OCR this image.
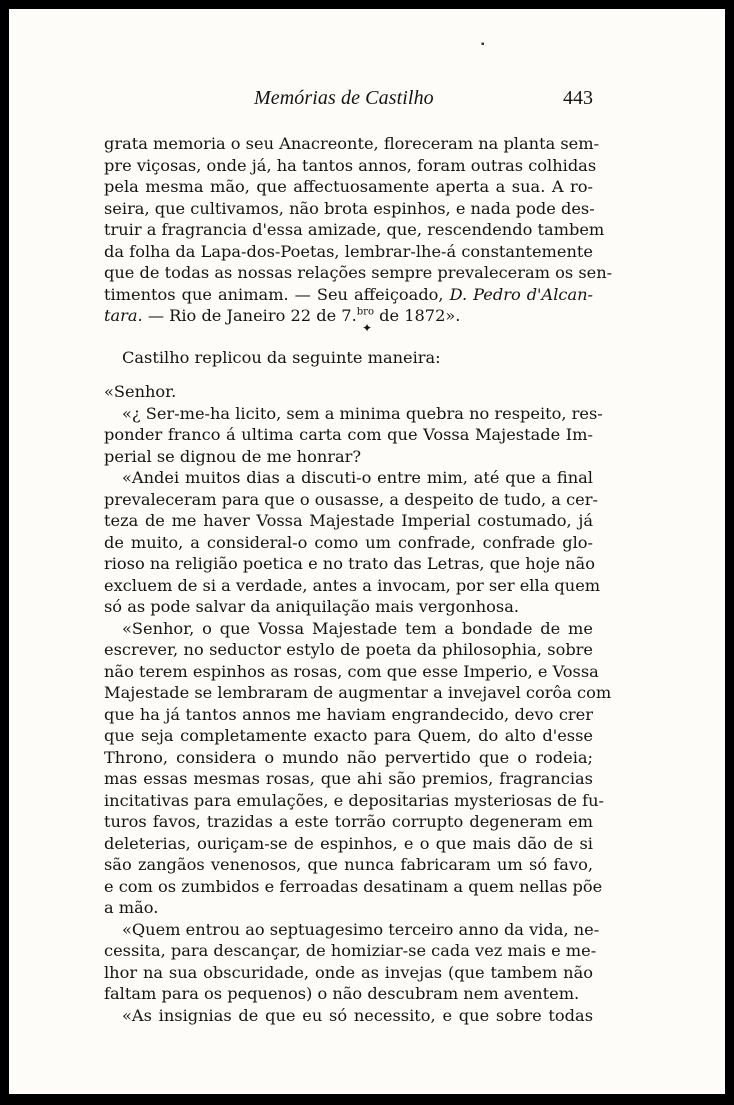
▪
Memórias de Castilho	443
grata memoria o seu Anacreonte, floreceram na planta sem-
pre viçosas, onde já, ha tantos annos, foram outras colhidas
pela mesma mão, que affectuosamente aperta a sua. A ro-
seira, que cultivamos, não brota espinhos, e nada pode des-
truir a fragrancia d'essa amizade, que, rescendendo tambem
da folha da Lapa-dos-Poetas, lembrar-lhe-á constantemente
que de todas as nossas relações sempre prevaleceram os sen-
timentos que animam. — Seu affeiçoado, D. Pedro d'Alcan-
tara. — Rio de Janeiro 22 de 7.$^{bro}$ de 1872».
✦
Castilho replicou da seguinte maneira:
«Senhor.
«¿ Ser-me-ha licito, sem a minima quebra no respeito, res-
ponder franco á ultima carta com que Vossa Majestade Im-
perial se dignou de me honrar?
«Andei muitos dias a discuti-o entre mim, até que a final
prevaleceram para que o ousasse, a despeito de tudo, a cer-
teza de me haver Vossa Majestade Imperial costumado, já
de muito, a consideral-o como um confrade, confrade glo-
rioso na religião poetica e no trato das Letras, que hoje não
excluem de si a verdade, antes a invocam, por ser ella quem
só as pode salvar da aniquilação mais vergonhosa.
«Senhor, o que Vossa Majestade tem a bondade de me
escrever, no seductor estylo de poeta da philosophia, sobre
não terem espinhos as rosas, com que esse Imperio, e Vossa
Majestade se lembraram de augmentar a invejavel corôa com
que ha já tantos annos me haviam engrandecido, devo crer
que seja completamente exacto para Quem, do alto d'esse
Throno, considera o mundo não pervertido que o rodeia;
mas essas mesmas rosas, que ahi são premios, fragrancias
incitativas para emulações, e depositarias mysteriosas de fu-
turos favos, trazidas a este torrão corrupto degeneram em
deleterias, ouriçam-se de espinhos, e o que mais dão de si
são zangãos venenosos, que nunca fabricaram um só favo,
e com os zumbidos e ferroadas desatinam a quem nellas põe
a mão.
«Quem entrou ao septuagesimo terceiro anno da vida, ne-
cessita, para descançar, de homiziar-se cada vez mais e me-
lhor na sua obscuridade, onde as invejas (que tambem não
faltam para os pequenos) o não descubram nem aventem.
«As insignias de que eu só necessito, e que sobre todas
